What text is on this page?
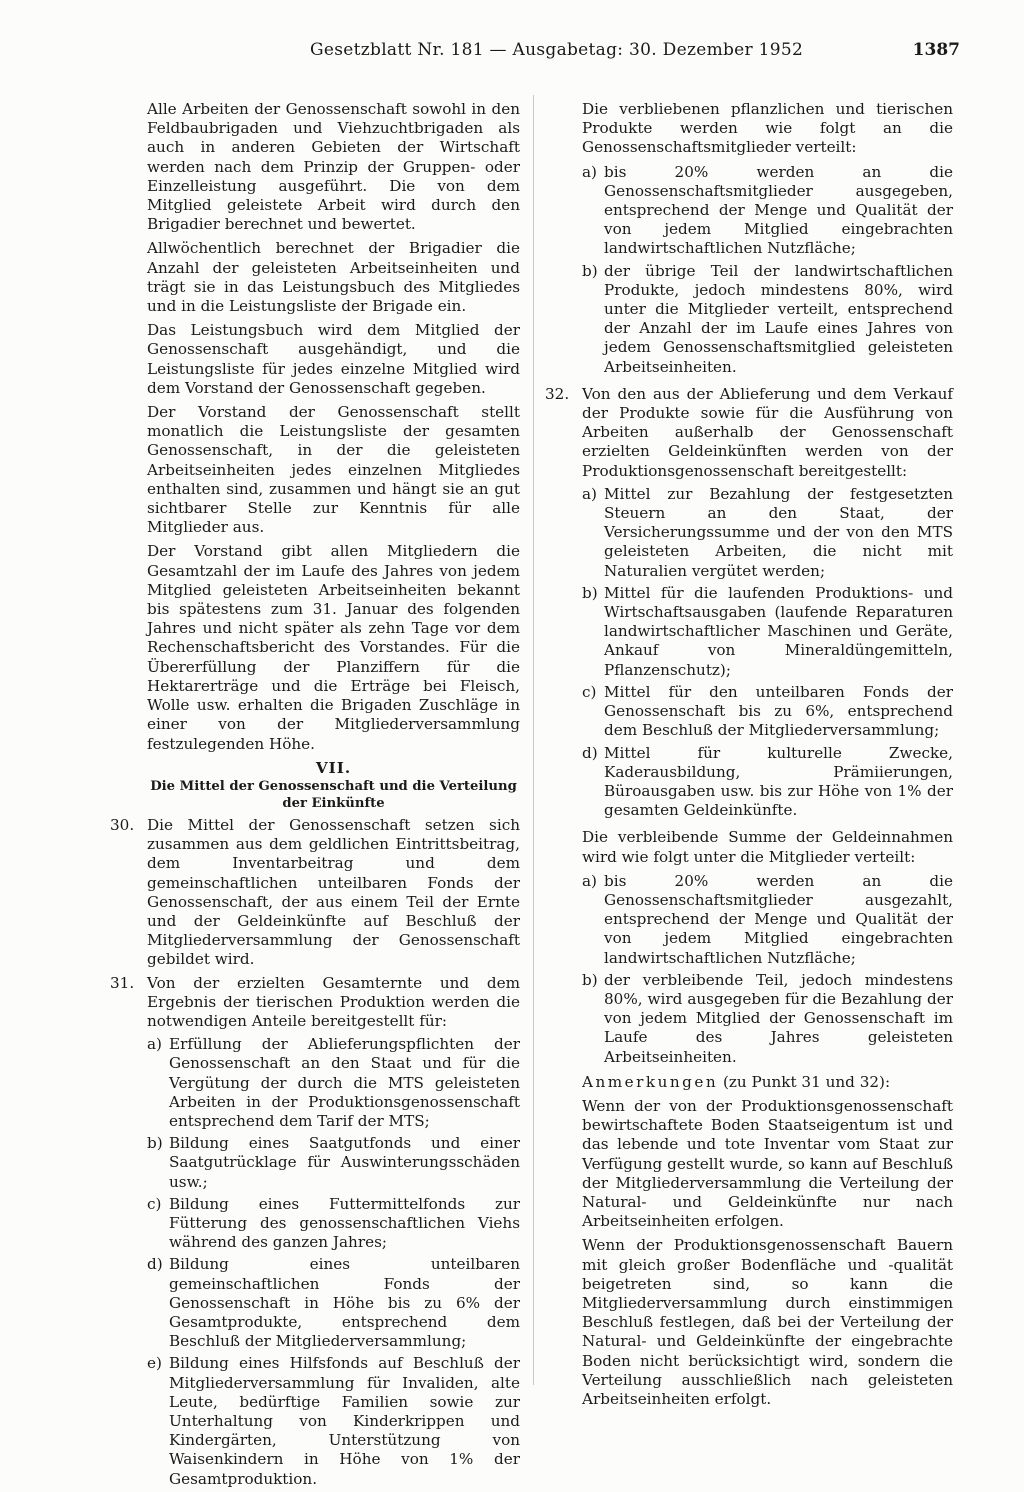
Gesetzblatt Nr. 181 — Ausgabetag: 30. Dezember 1952	1387

Alle Arbeiten der Genossenschaft sowohl in den Feldbaubrigaden und Viehzuchtbrigaden als auch in anderen Gebieten der Wirtschaft werden nach dem Prinzip der Gruppen- oder Einzelleistung ausgeführt. Die von dem Mitglied geleistete Arbeit wird durch den Brigadier berechnet und bewertet.

Allwöchentlich berechnet der Brigadier die Anzahl der geleisteten Arbeitseinheiten und trägt sie in das Leistungsbuch des Mitgliedes und in die Leistungsliste der Brigade ein.

Das Leistungsbuch wird dem Mitglied der Genossenschaft ausgehändigt, und die Leistungsliste für jedes einzelne Mitglied wird dem Vorstand der Genossenschaft gegeben.

Der Vorstand der Genossenschaft stellt monatlich die Leistungsliste der gesamten Genossenschaft, in der die geleisteten Arbeitseinheiten jedes einzelnen Mitgliedes enthalten sind, zusammen und hängt sie an gut sichtbarer Stelle zur Kenntnis für alle Mitglieder aus.

Der Vorstand gibt allen Mitgliedern die Gesamtzahl der im Laufe des Jahres von jedem Mitglied geleisteten Arbeitseinheiten bekannt bis spätestens zum 31. Januar des folgenden Jahres und nicht später als zehn Tage vor dem Rechenschaftsbericht des Vorstandes. Für die Übererfüllung der Planziffern für die Hektarerträge und die Erträge bei Fleisch, Wolle usw. erhalten die Brigaden Zuschläge in einer von der Mitgliederversammlung festzulegenden Höhe.

VII.
Die Mittel der Genossenschaft und die Verteilung der Einkünfte
30. Die Mittel der Genossenschaft setzen sich zusammen aus dem geldlichen Eintrittsbeitrag, dem Inventarbeitrag und dem gemeinschaftlichen unteilbaren Fonds der Genossenschaft, der aus einem Teil der Ernte und der Geldeinkünfte auf Beschluß der Mitgliederversammlung der Genossenschaft gebildet wird.
31. Von der erzielten Gesamternte und dem Ergebnis der tierischen Produktion werden die notwendigen Anteile bereitgestellt für:
a) Erfüllung der Ablieferungspflichten der Genossenschaft an den Staat und für die Vergütung der durch die MTS geleisteten Arbeiten in der Produktionsgenossenschaft entsprechend dem Tarif der MTS;
b) Bildung eines Saatgutfonds und einer Saatgutrücklage für Auswinterungsschäden usw.;
c) Bildung eines Futtermittelfonds zur Fütterung des genossenschaftlichen Viehs während des ganzen Jahres;
d) Bildung eines unteilbaren gemeinschaftlichen Fonds der Genossenschaft in Höhe bis zu 6% der Gesamtprodukte, entsprechend dem Beschluß der Mitgliederversammlung;
e) Bildung eines Hilfsfonds auf Beschluß der Mitgliederversammlung für Invaliden, alte Leute, bedürftige Familien sowie zur Unterhaltung von Kinderkrippen und Kindergärten, Unterstützung von Waisenkindern in Höhe von 1% der Gesamtproduktion.

Die verbliebenen pflanzlichen und tierischen Produkte werden wie folgt an die Genossenschaftsmitglieder verteilt:

a) bis 20% werden an die Genossenschaftsmitglieder ausgegeben, entsprechend der Menge und Qualität der von jedem Mitglied eingebrachten landwirtschaftlichen Nutzfläche;
b) der übrige Teil der landwirtschaftlichen Produkte, jedoch mindestens 80%, wird unter die Mitglieder verteilt, entsprechend der Anzahl der im Laufe eines Jahres von jedem Genossenschaftsmitglied geleisteten Arbeitseinheiten.
32. Von den aus der Ablieferung und dem Verkauf der Produkte sowie für die Ausführung von Arbeiten außerhalb der Genossenschaft erzielten Geldeinkünften werden von der Produktionsgenossenschaft bereitgestellt:
a) Mittel zur Bezahlung der festgesetzten Steuern an den Staat, der Versicherungssumme und der von den MTS geleisteten Arbeiten, die nicht mit Naturalien vergütet werden;
b) Mittel für die laufenden Produktions- und Wirtschaftsausgaben (laufende Reparaturen landwirtschaftlicher Maschinen und Geräte, Ankauf von Mineraldüngemitteln, Pflanzenschutz);
c) Mittel für den unteilbaren Fonds der Genossenschaft bis zu 6%, entsprechend dem Beschluß der Mitgliederversammlung;
d) Mittel für kulturelle Zwecke, Kaderausbildung, Prämiierungen, Büroausgaben usw. bis zur Höhe von 1% der gesamten Geldeinkünfte.

Die verbleibende Summe der Geldeinnahmen wird wie folgt unter die Mitglieder verteilt:

a) bis 20% werden an die Genossenschaftsmitglieder ausgezahlt, entsprechend der Menge und Qualität der von jedem Mitglied eingebrachten landwirtschaftlichen Nutzfläche;
b) der verbleibende Teil, jedoch mindestens 80%, wird ausgegeben für die Bezahlung der von jedem Mitglied der Genossenschaft im Laufe des Jahres geleisteten Arbeitseinheiten.

Anmerkungen (zu Punkt 31 und 32):

Wenn der von der Produktionsgenossenschaft bewirtschaftete Boden Staatseigentum ist und das lebende und tote Inventar vom Staat zur Verfügung gestellt wurde, so kann auf Beschluß der Mitgliederversammlung die Verteilung der Natural- und Geldeinkünfte nur nach Arbeitseinheiten erfolgen.

Wenn der Produktionsgenossenschaft Bauern mit gleich großer Bodenfläche und -qualität beigetreten sind, so kann die Mitgliederversammlung durch einstimmigen Beschluß festlegen, daß bei der Verteilung der Natural- und Geldeinkünfte der eingebrachte Boden nicht berücksichtigt wird, sondern die Verteilung ausschließlich nach geleisteten Arbeitseinheiten erfolgt.
